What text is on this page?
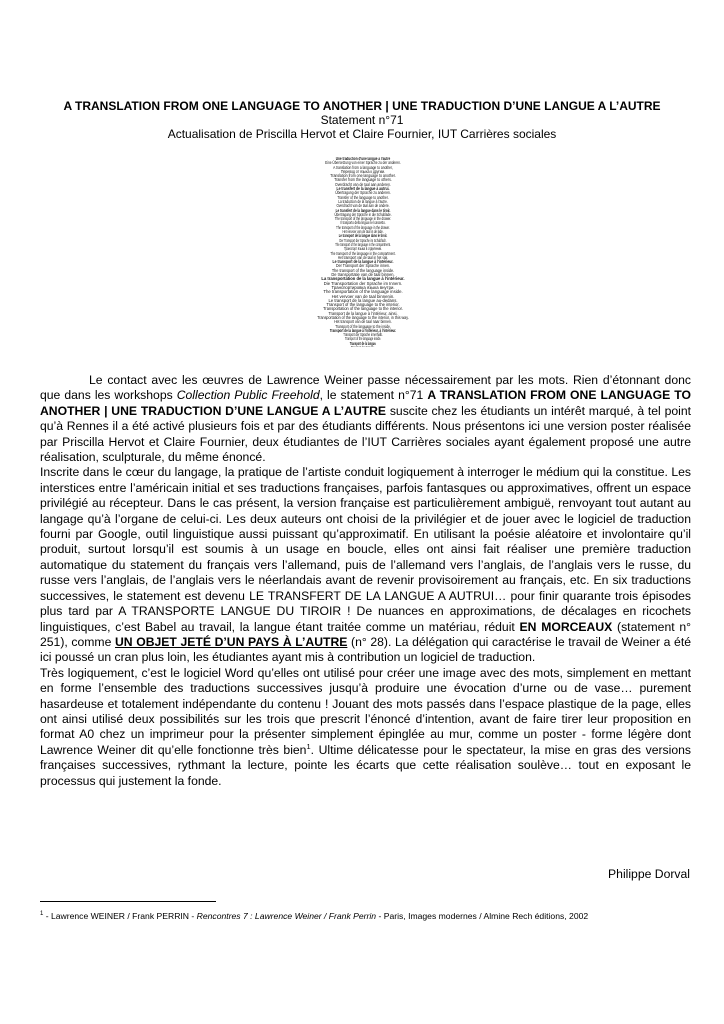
A TRANSLATION FROM ONE LANGUAGE TO ANOTHER | UNE TRADUCTION D’UNE LANGUE A L’AUTRE
Statement n°71
Actualisation de Priscilla Hervot et Claire Fournier, IUT Carrières sociales
Une traduction d’une langue a l’autre
Eine Übersetzung von einer Sprache zu der anderen.
A translation from a language to another,
Перевод от языка к другим.
Translation from one language to another.
Transfer from the language to others.
Overdracht van de taal aan anderen.
Le transfert de la langue à autrui.
Übertragung der Sprache zu anderen.
Transfer of the language to another.
La traduction de la langue à l’autre.
Overdracht van de taal aan de andere.
Le transfert de la langue dans le tiroir.
Übertragung der Sprache in die Schublade.
The transport of the language in the drawer.
Il trasporto della lingua nel cassetto.
The transport of the language in the drawer.
Het vervoer van de taal in de lade.
Le transport de la langue dans le tiroir.
Der Transport der Sprache im Schubfach.
The transport of the language in the compartment.
Транспорт языка в отделении.
The transport of the language in the compartment.
Het transport van de taal in het vak.
Le transport de la langue à l’intérieur.
Der Transport der Sprache innen.
The transport of the language inside.
De transportatie van de taal binnen.
La transportation de la langue à l’intérieur.
Die Transportation der Sprache im Innern.
Транспортировка языка внутри.
The transportation of the language inside.
Het vervoer van de taal binnenin.
Le transport de la langue au-dedans.
Transport of the language to the interior.
Transportation of the language to the interior.
Transport de la langue à l’intérieur, ainsi.
Transportation of the language to the interior, in this way.
Het transport van de taal naar binnen.
Transport of the language to the inside.
Transport de la langue à l’intérieur, à l’intérieur.
Transport der Sprache innerhalb.
Transport of the language inside.
Transport de la langue.

Le contact avec les œuvres de Lawrence Weiner passe nécessairement par les mots. Rien d’étonnant donc que dans les workshops Collection Public Freehold, le statement n°71 A TRANSLATION FROM ONE LANGUAGE TO ANOTHER | UNE TRADUCTION D’UNE LANGUE A L’AUTRE suscite chez les étudiants un intérêt marqué, à tel point qu’à Rennes il a été activé plusieurs fois et par des étudiants différents. Nous présentons ici une version poster réalisée par Priscilla Hervot et Claire Fournier, deux étudiantes de l’IUT Carrières sociales ayant également proposé une autre réalisation, sculpturale, du même énoncé.

Inscrite dans le cœur du langage, la pratique de l’artiste conduit logiquement à interroger le médium qui la constitue. Les interstices entre l’américain initial et ses traductions françaises, parfois fantasques ou approximatives, offrent un espace privilégié au récepteur. Dans le cas présent, la version française est particulièrement ambiguë, renvoyant tout autant au langage qu’à l’organe de celui-ci. Les deux auteurs ont choisi de la privilégier et de jouer avec le logiciel de traduction fourni par Google, outil linguistique aussi puissant qu’approximatif. En utilisant la poésie aléatoire et involontaire qu’il produit, surtout lorsqu’il est soumis à un usage en boucle, elles ont ainsi fait réaliser une première traduction automatique du statement du français vers l’allemand, puis de l’allemand vers l’anglais, de l’anglais vers le russe, du russe vers l’anglais, de l’anglais vers le néerlandais avant de revenir provisoirement au français, etc. En six traductions successives, le statement est devenu LE TRANSFERT DE LA LANGUE A AUTRUI… pour finir quarante trois épisodes plus tard par A TRANSPORTE LANGUE DU TIROIR ! De nuances en approximations, de décalages en ricochets linguistiques, c’est Babel au travail, la langue étant traitée comme un matériau, réduit EN MORCEAUX (statement n° 251), comme UN OBJET JETÉ D’UN PAYS À L’AUTRE (n° 28). La délégation qui caractérise le travail de Weiner a été ici poussé un cran plus loin, les étudiantes ayant mis à contribution un logiciel de traduction.

Très logiquement, c’est le logiciel Word qu’elles ont utilisé pour créer une image avec des mots, simplement en mettant en forme l’ensemble des traductions successives jusqu’à produire une évocation d’urne ou de vase… purement hasardeuse et totalement indépendante du contenu ! Jouant des mots passés dans l’espace plastique de la page, elles ont ainsi utilisé deux possibilités sur les trois que prescrit l’énoncé d’intention, avant de faire tirer leur proposition en format A0 chez un imprimeur pour la présenter simplement épinglée au mur, comme un poster - forme légère dont Lawrence Weiner dit qu’elle fonctionne très bien$^1$. Ultime délicatesse pour le spectateur, la mise en gras des versions françaises successives, rythmant la lecture, pointe les écarts que cette réalisation soulève… tout en exposant le processus qui justement la fonde.

Philippe Dorval
$^1$ - Lawrence WEINER / Frank PERRIN - Rencontres 7 : Lawrence Weiner / Frank Perrin - Paris, Images modernes / Almine Rech éditions, 2002
